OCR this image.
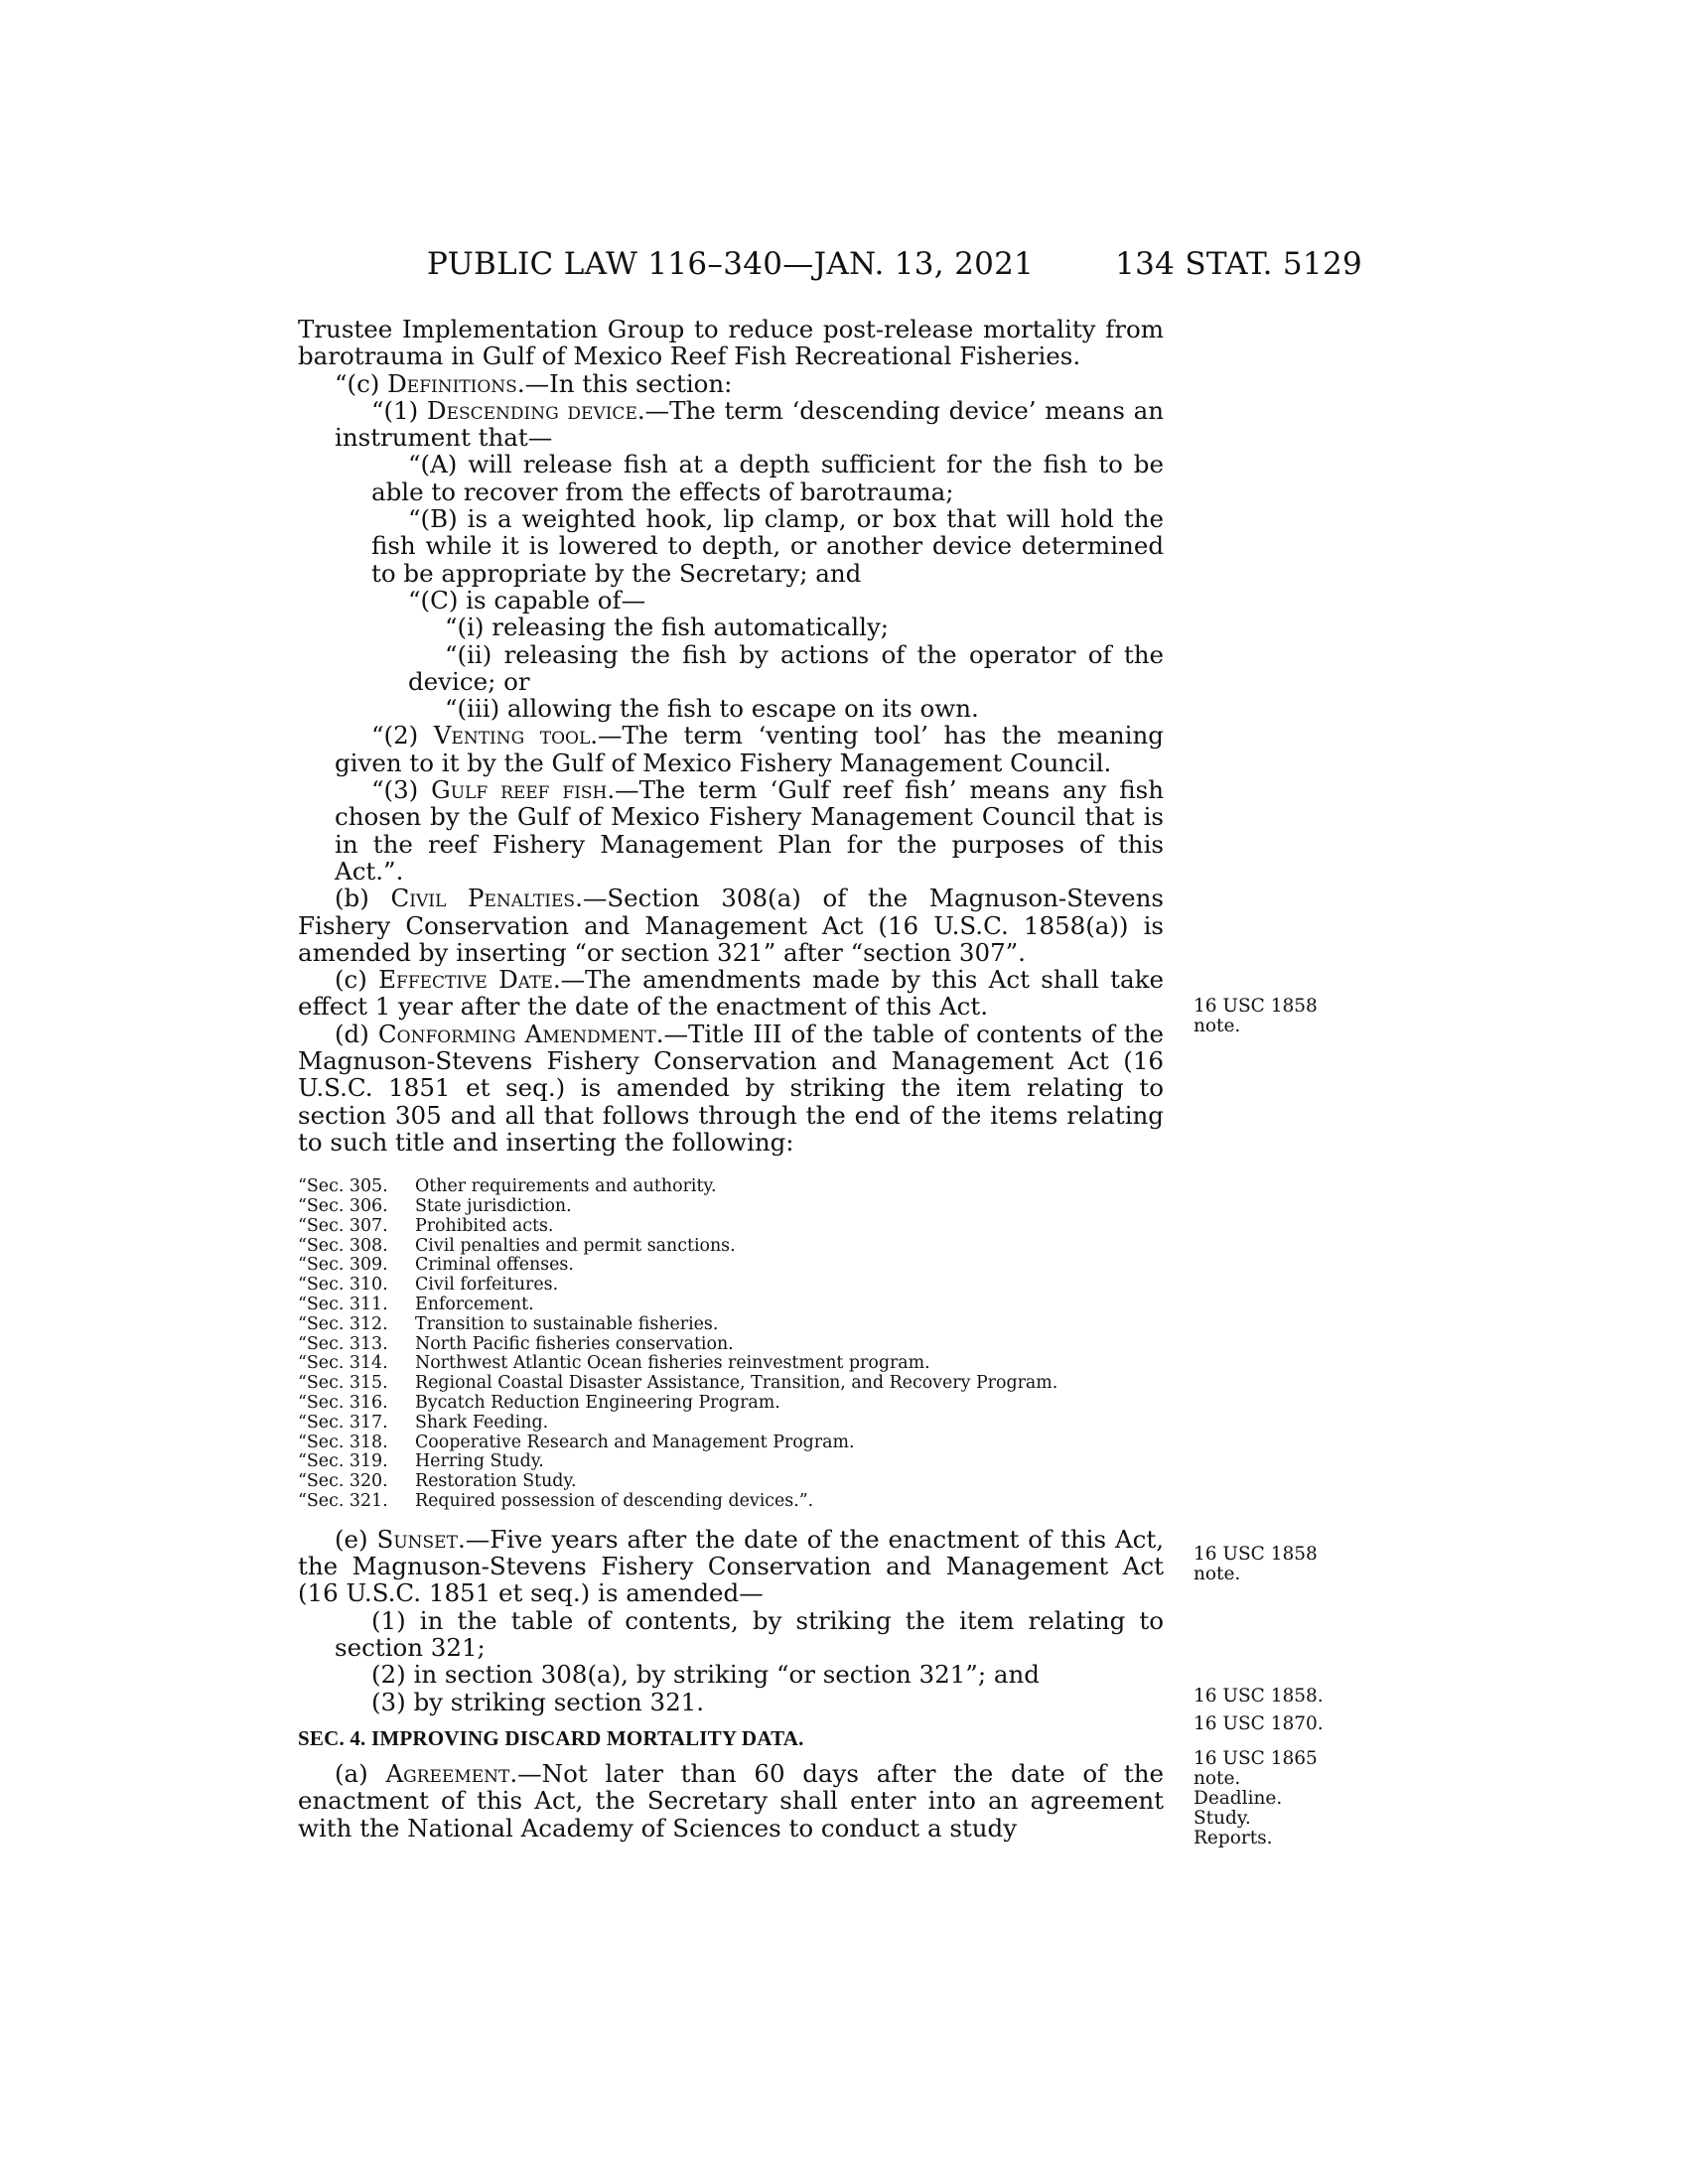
PUBLIC LAW 116–340—JAN. 13, 2021	134 STAT. 5129

Trustee Implementation Group to reduce post-release mortality from barotrauma in Gulf of Mexico Reef Fish Recreational Fisheries.

“(c) Definitions.—In this section:

“(1) Descending device.—The term ‘descending device’ means an instrument that—

“(A) will release fish at a depth sufficient for the fish to be able to recover from the effects of barotrauma;

“(B) is a weighted hook, lip clamp, or box that will hold the fish while it is lowered to depth, or another device determined to be appropriate by the Secretary; and

“(C) is capable of—

“(i) releasing the fish automatically;

“(ii) releasing the fish by actions of the operator of the device; or

“(iii) allowing the fish to escape on its own.

“(2) Venting tool.—The term ‘venting tool’ has the meaning given to it by the Gulf of Mexico Fishery Management Council.

“(3) Gulf reef fish.—The term ‘Gulf reef fish’ means any fish chosen by the Gulf of Mexico Fishery Management Council that is in the reef Fishery Management Plan for the purposes of this Act.”.

(b) Civil Penalties.—Section 308(a) of the Magnuson-Stevens Fishery Conservation and Management Act (16 U.S.C. 1858(a)) is amended by inserting “or section 321” after “section 307”.

(c) Effective Date.—The amendments made by this Act shall take effect 1 year after the date of the enactment of this Act.

(d) Conforming Amendment.—Title III of the table of contents of the Magnuson-Stevens Fishery Conservation and Management Act (16 U.S.C. 1851 et seq.) is amended by striking the item relating to section 305 and all that follows through the end of the items relating to such title and inserting the following:

“Sec. 305. Other requirements and authority.
“Sec. 306. State jurisdiction.
“Sec. 307. Prohibited acts.
“Sec. 308. Civil penalties and permit sanctions.
“Sec. 309. Criminal offenses.
“Sec. 310. Civil forfeitures.
“Sec. 311. Enforcement.
“Sec. 312. Transition to sustainable fisheries.
“Sec. 313. North Pacific fisheries conservation.
“Sec. 314. Northwest Atlantic Ocean fisheries reinvestment program.
“Sec. 315. Regional Coastal Disaster Assistance, Transition, and Recovery Program.
“Sec. 316. Bycatch Reduction Engineering Program.
“Sec. 317. Shark Feeding.
“Sec. 318. Cooperative Research and Management Program.
“Sec. 319. Herring Study.
“Sec. 320. Restoration Study.
“Sec. 321. Required possession of descending devices.”.

(e) Sunset.—Five years after the date of the enactment of this Act, the Magnuson-Stevens Fishery Conservation and Management Act (16 U.S.C. 1851 et seq.) is amended—

(1) in the table of contents, by striking the item relating to section 321;

(2) in section 308(a), by striking “or section 321”; and

(3) by striking section 321.

SEC. 4. IMPROVING DISCARD MORTALITY DATA.

(a) Agreement.—Not later than 60 days after the date of the enactment of this Act, the Secretary shall enter into an agreement with the National Academy of Sciences to conduct a study

16 USC 1858
note.
16 USC 1858
note.
16 USC 1858.
16 USC 1870.
16 USC 1865
note.
Deadline.
Study.
Reports.
